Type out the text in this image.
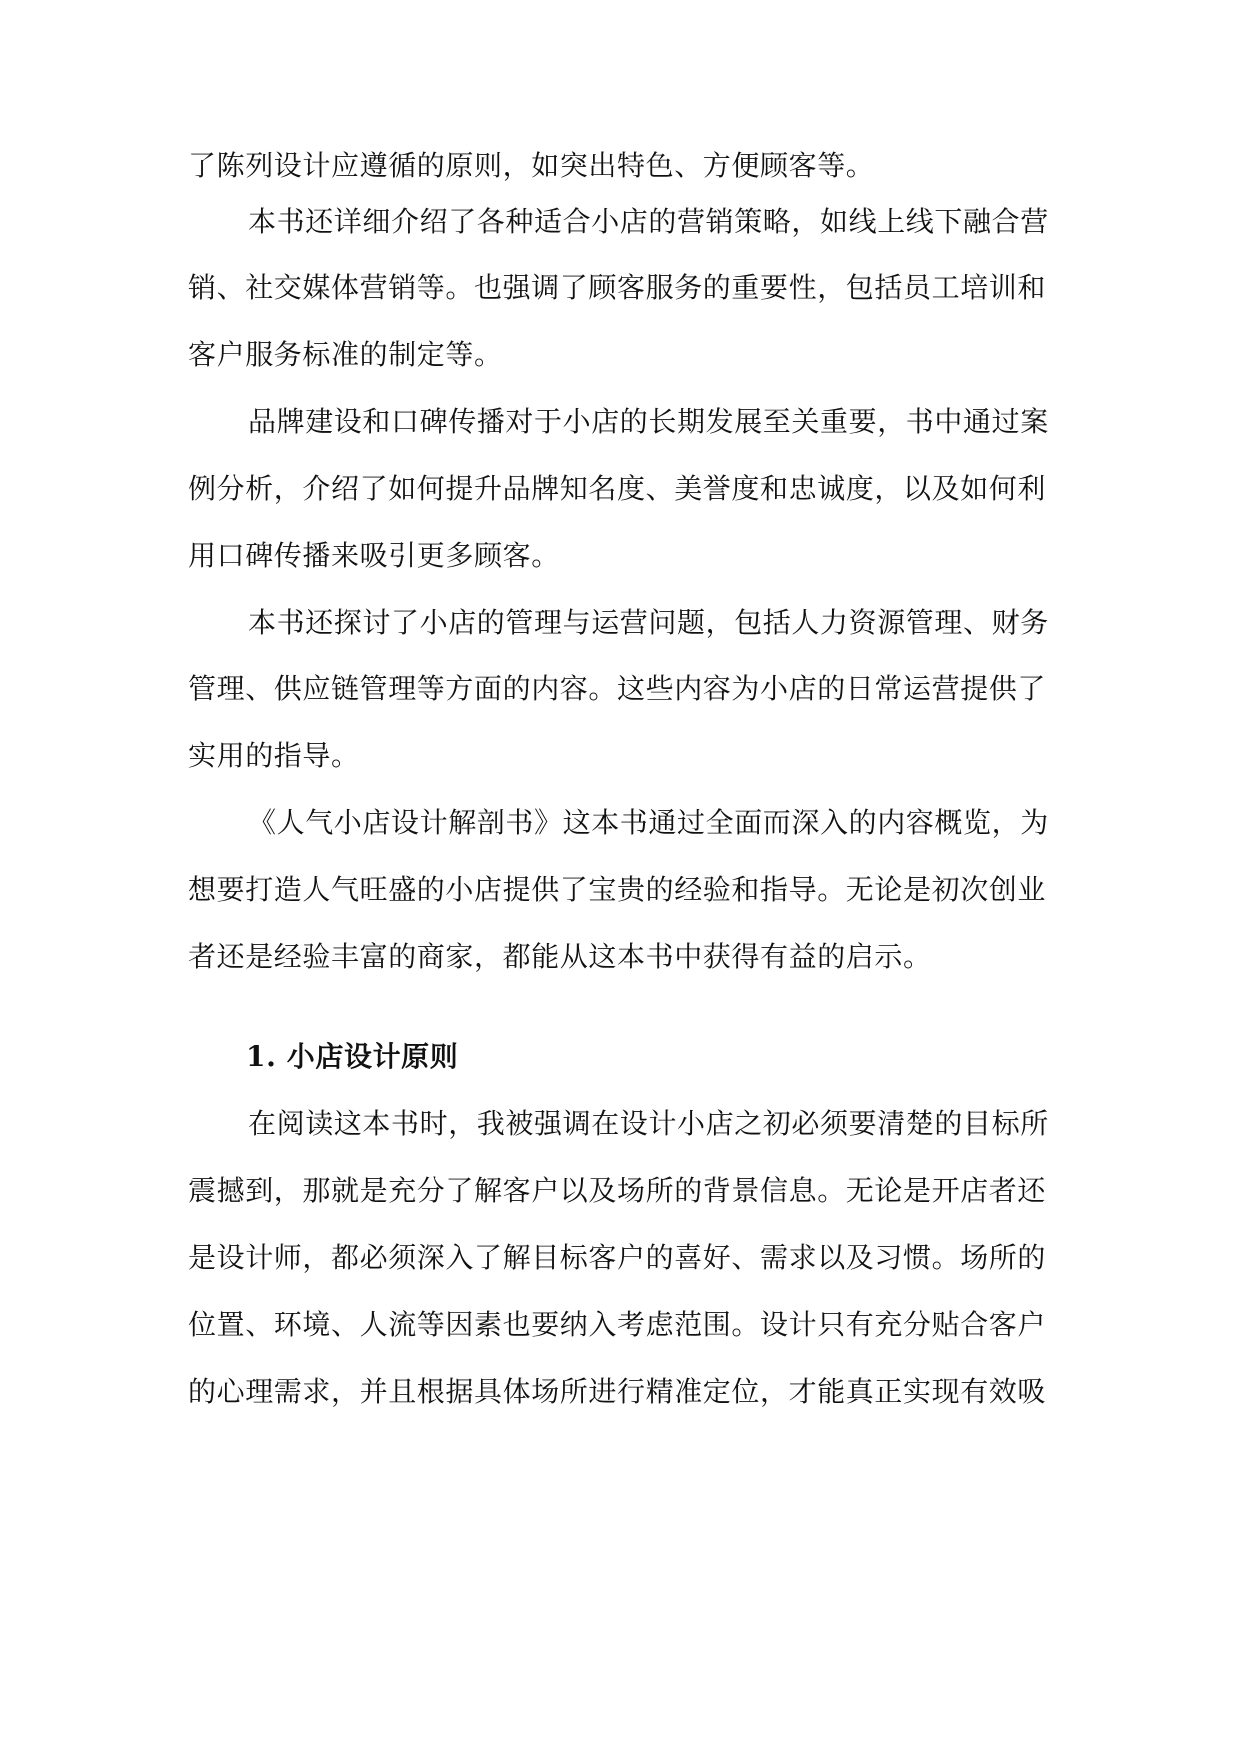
了陈列设计应遵循的原则，如突出特色、方便顾客等。
本书还详细介绍了各种适合小店的营销策略，如线上线下融合营
销、社交媒体营销等。也强调了顾客服务的重要性，包括员工培训和
客户服务标准的制定等。
品牌建设和口碑传播对于小店的长期发展至关重要，书中通过案
例分析，介绍了如何提升品牌知名度、美誉度和忠诚度，以及如何利
用口碑传播来吸引更多顾客。
本书还探讨了小店的管理与运营问题，包括人力资源管理、财务
管理、供应链管理等方面的内容。这些内容为小店的日常运营提供了
实用的指导。
《人气小店设计解剖书》这本书通过全面而深入的内容概览，为
想要打造人气旺盛的小店提供了宝贵的经验和指导。无论是初次创业
者还是经验丰富的商家，都能从这本书中获得有益的启示。
1. 小店设计原则
在阅读这本书时，我被强调在设计小店之初必须要清楚的目标所
震撼到，那就是充分了解客户以及场所的背景信息。无论是开店者还
是设计师，都必须深入了解目标客户的喜好、需求以及习惯。场所的
位置、环境、人流等因素也要纳入考虑范围。设计只有充分贴合客户
的心理需求，并且根据具体场所进行精准定位，才能真正实现有效吸
